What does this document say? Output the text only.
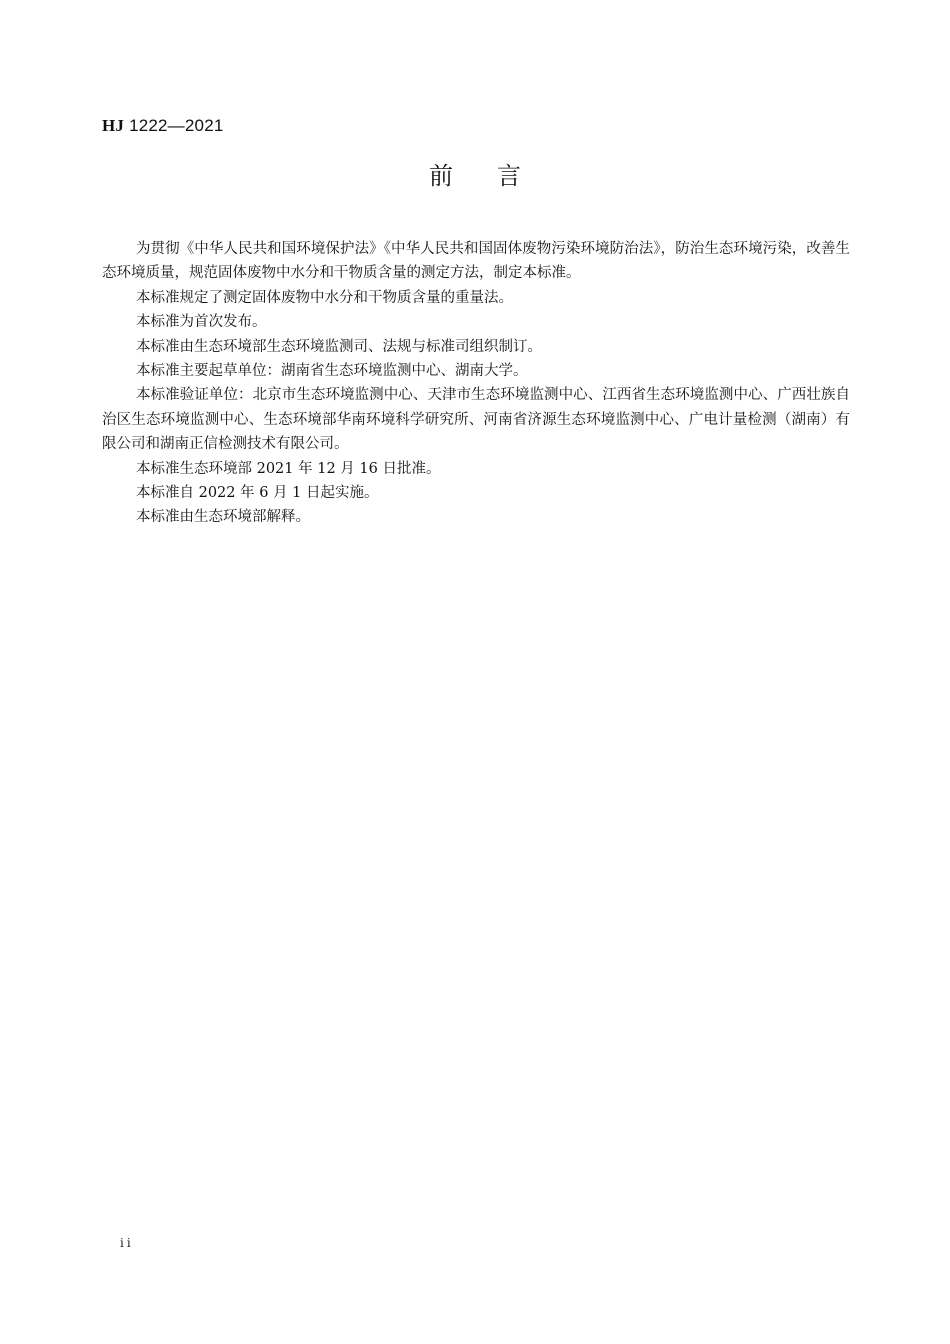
HJ 1222—2021
前 言

为贯彻《中华人民共和国环境保护法》《中华人民共和国固体废物污染环境防治法》，防治生态环境污染，改善生态环境质量，规范固体废物中水分和干物质含量的测定方法，制定本标准。

本标准规定了测定固体废物中水分和干物质含量的重量法。

本标准为首次发布。

本标准由生态环境部生态环境监测司、法规与标准司组织制订。

本标准主要起草单位：湖南省生态环境监测中心、湖南大学。

本标准验证单位：北京市生态环境监测中心、天津市生态环境监测中心、江西省生态环境监测中心、广西壮族自治区生态环境监测中心、生态环境部华南环境科学研究所、河南省济源生态环境监测中心、广电计量检测（湖南）有限公司和湖南正信检测技术有限公司。

本标准生态环境部 2021 年 12 月 16 日批准。

本标准自 2022 年 6 月 1 日起实施。

本标准由生态环境部解释。

ii
